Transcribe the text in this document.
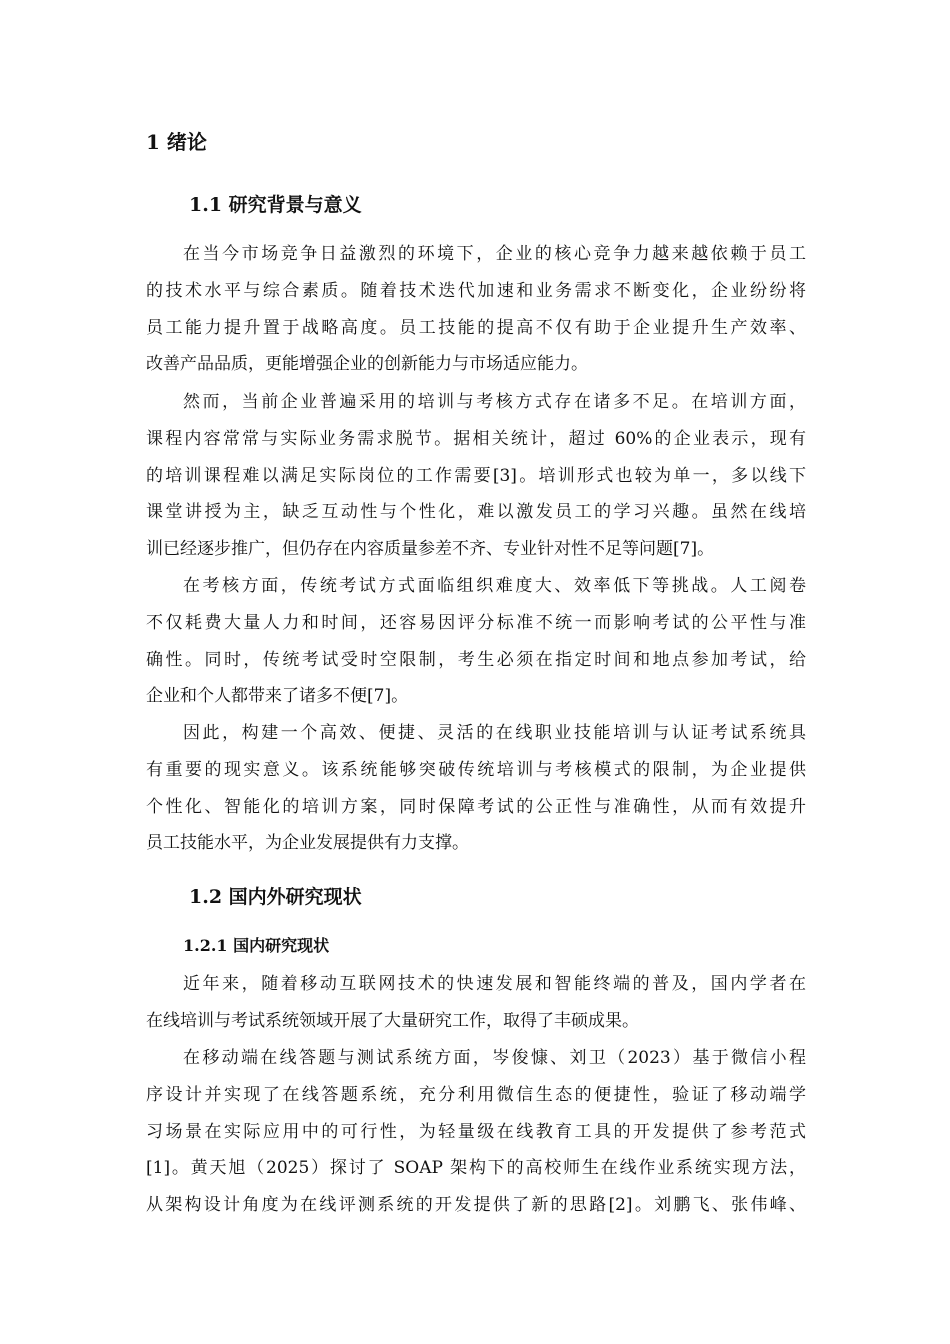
1 绪论
1.1 研究背景与意义
在当今市场竞争日益激烈的环境下，企业的核心竞争力越来越依赖于员工
的技术水平与综合素质。随着技术迭代加速和业务需求不断变化，企业纷纷将
员工能力提升置于战略高度。员工技能的提高不仅有助于企业提升生产效率、
改善产品品质，更能增强企业的创新能力与市场适应能力。
然而，当前企业普遍采用的培训与考核方式存在诸多不足。在培训方面，
课程内容常常与实际业务需求脱节。据相关统计，超过 60%的企业表示，现有
的培训课程难以满足实际岗位的工作需要[3]。培训形式也较为单一，多以线下
课堂讲授为主，缺乏互动性与个性化，难以激发员工的学习兴趣。虽然在线培
训已经逐步推广，但仍存在内容质量参差不齐、专业针对性不足等问题[7]。
在考核方面，传统考试方式面临组织难度大、效率低下等挑战。人工阅卷
不仅耗费大量人力和时间，还容易因评分标准不统一而影响考试的公平性与准
确性。同时，传统考试受时空限制，考生必须在指定时间和地点参加考试，给
企业和个人都带来了诸多不便[7]。
因此，构建一个高效、便捷、灵活的在线职业技能培训与认证考试系统具
有重要的现实意义。该系统能够突破传统培训与考核模式的限制，为企业提供
个性化、智能化的培训方案，同时保障考试的公正性与准确性，从而有效提升
员工技能水平，为企业发展提供有力支撑。
1.2 国内外研究现状
1.2.1 国内研究现状
近年来，随着移动互联网技术的快速发展和智能终端的普及，国内学者在
在线培训与考试系统领域开展了大量研究工作，取得了丰硕成果。
在移动端在线答题与测试系统方面，岑俊慷、刘卫（2023）基于微信小程
序设计并实现了在线答题系统，充分利用微信生态的便捷性，验证了移动端学
习场景在实际应用中的可行性，为轻量级在线教育工具的开发提供了参考范式
[1]。黄天旭（2025）探讨了 SOAP 架构下的高校师生在线作业系统实现方法，
从架构设计角度为在线评测系统的开发提供了新的思路[2]。刘鹏飞、张伟峰、
